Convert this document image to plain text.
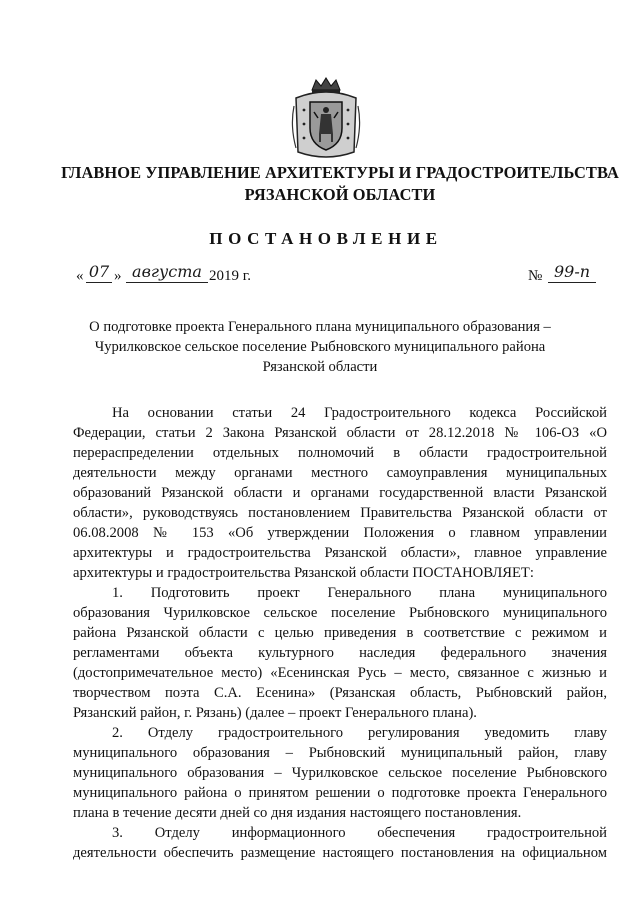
ГЛАВНОЕ УПРАВЛЕНИЕ АРХИТЕКТУРЫ И ГРАДОСТРОИТЕЛЬСТВА
РЯЗАНСКОЙ ОБЛАСТИ
ПОСТАНОВЛЕНИЕ
« 07 » августа 2019 г.	№ 99-п
О подготовке проекта Генерального плана муниципального образования –
Чурилковское сельское поселение Рыбновского муниципального района
Рязанской области
На основании статьи 24 Градостроительного кодекса Российской
Федерации, статьи 2 Закона Рязанской области от 28.12.2018 № 106-ОЗ «О
перераспределении отдельных полномочий в области градостроительной
деятельности между органами местного самоуправления муниципальных
образований Рязанской области и органами государственной власти Рязанской
области», руководствуясь постановлением Правительства Рязанской области от
06.08.2008 № 153 «Об утверждении Положения о главном управлении
архитектуры и градостроительства Рязанской области», главное управление
архитектуры и градостроительства Рязанской области ПОСТАНОВЛЯЕТ:
1. Подготовить проект Генерального плана муниципального
образования Чурилковское сельское поселение Рыбновского муниципального
района Рязанской области с целью приведения в соответствие с режимом и
регламентами объекта культурного наследия федерального значения
(достопримечательное место) «Есенинская Русь – место, связанное с жизнью и
творчеством поэта С.А. Есенина» (Рязанская область, Рыбновский район,
Рязанский район, г. Рязань) (далее – проект Генерального плана).
2. Отделу градостроительного регулирования уведомить главу
муниципального образования – Рыбновский муниципальный район, главу
муниципального образования – Чурилковское сельское поселение Рыбновского
муниципального района о принятом решении о подготовке проекта Генерального
плана в течение десяти дней со дня издания настоящего постановления.
3. Отделу информационного обеспечения градостроительной
деятельности обеспечить размещение настоящего постановления на официальном
